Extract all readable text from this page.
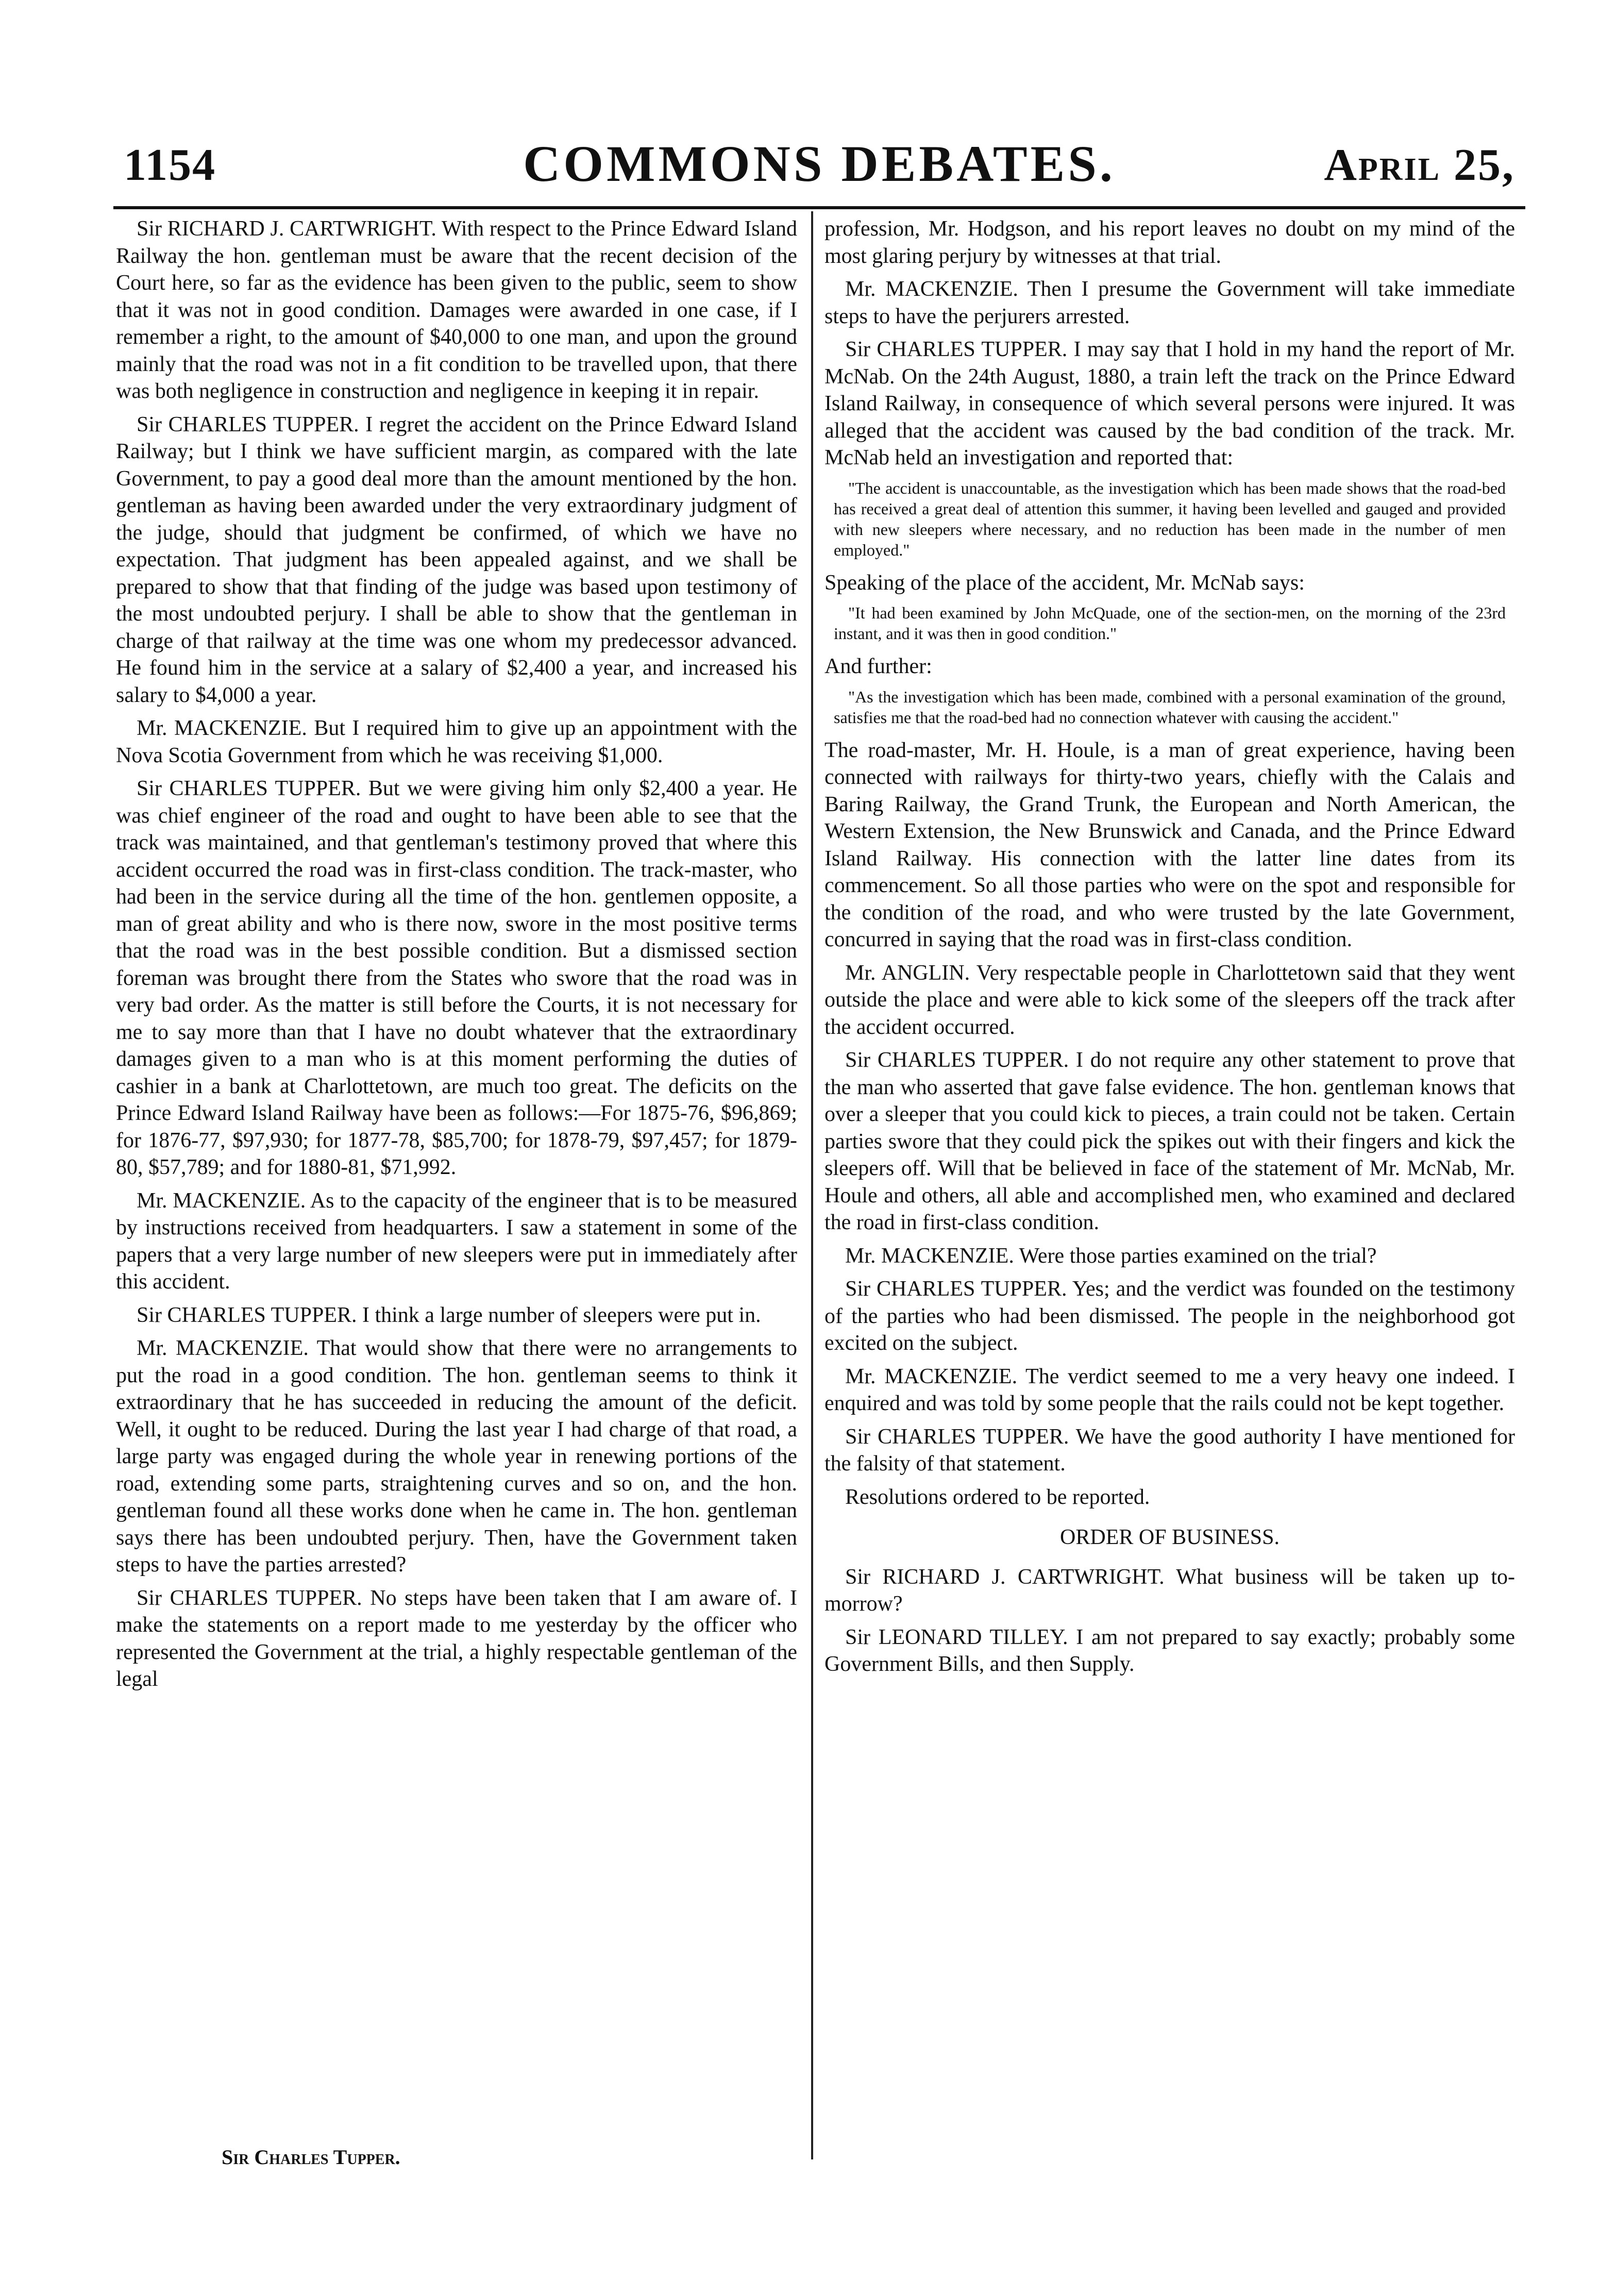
1154	COMMONS DEBATES.	April 25,

Sir RICHARD J. CARTWRIGHT. With respect to the Prince Edward Island Railway the hon. gentleman must be aware that the recent decision of the Court here, so far as the evidence has been given to the public, seem to show that it was not in good condition. Damages were awarded in one case, if I remember a right, to the amount of $40,000 to one man, and upon the ground mainly that the road was not in a fit condition to be travelled upon, that there was both negligence in construction and negligence in keeping it in repair.

Sir CHARLES TUPPER. I regret the accident on the Prince Edward Island Railway; but I think we have sufficient margin, as compared with the late Government, to pay a good deal more than the amount mentioned by the hon. gentleman as having been awarded under the very extraordinary judgment of the judge, should that judgment be confirmed, of which we have no expectation. That judgment has been appealed against, and we shall be prepared to show that that finding of the judge was based upon testimony of the most undoubted perjury. I shall be able to show that the gentleman in charge of that railway at the time was one whom my predecessor advanced. He found him in the service at a salary of $2,400 a year, and increased his salary to $4,000 a year.

Mr. MACKENZIE. But I required him to give up an appointment with the Nova Scotia Government from which he was receiving $1,000.

Sir CHARLES TUPPER. But we were giving him only $2,400 a year. He was chief engineer of the road and ought to have been able to see that the track was maintained, and that gentleman's testimony proved that where this accident occurred the road was in first-class condition. The track-master, who had been in the service during all the time of the hon. gentlemen opposite, a man of great ability and who is there now, swore in the most positive terms that the road was in the best possible condition. But a dismissed section foreman was brought there from the States who swore that the road was in very bad order. As the matter is still before the Courts, it is not necessary for me to say more than that I have no doubt whatever that the extraordinary damages given to a man who is at this moment performing the duties of cashier in a bank at Charlottetown, are much too great. The deficits on the Prince Edward Island Railway have been as follows:—For 1875-76, $96,869; for 1876-77, $97,930; for 1877-78, $85,700; for 1878-79, $97,457; for 1879-80, $57,789; and for 1880-81, $71,992.

Mr. MACKENZIE. As to the capacity of the engineer that is to be measured by instructions received from headquarters. I saw a statement in some of the papers that a very large number of new sleepers were put in immediately after this accident.

Sir CHARLES TUPPER. I think a large number of sleepers were put in.

Mr. MACKENZIE. That would show that there were no arrangements to put the road in a good condition. The hon. gentleman seems to think it extraordinary that he has succeeded in reducing the amount of the deficit. Well, it ought to be reduced. During the last year I had charge of that road, a large party was engaged during the whole year in renewing portions of the road, extending some parts, straightening curves and so on, and the hon. gentleman found all these works done when he came in. The hon. gentleman says there has been undoubted perjury. Then, have the Government taken steps to have the parties arrested?

Sir CHARLES TUPPER. No steps have been taken that I am aware of. I make the statements on a report made to me yesterday by the officer who represented the Government at the trial, a highly respectable gentleman of the legal

Sir Charles Tupper.

profession, Mr. Hodgson, and his report leaves no doubt on my mind of the most glaring perjury by witnesses at that trial.

Mr. MACKENZIE. Then I presume the Government will take immediate steps to have the perjurers arrested.

Sir CHARLES TUPPER. I may say that I hold in my hand the report of Mr. McNab. On the 24th August, 1880, a train left the track on the Prince Edward Island Railway, in consequence of which several persons were injured. It was alleged that the accident was caused by the bad condition of the track. Mr. McNab held an investigation and reported that:

"The accident is unaccountable, as the investigation which has been made shows that the road-bed has received a great deal of attention this summer, it having been levelled and gauged and provided with new sleepers where necessary, and no reduction has been made in the number of men employed."

Speaking of the place of the accident, Mr. McNab says:

"It had been examined by John McQuade, one of the section-men, on the morning of the 23rd instant, and it was then in good condition."

And further:

"As the investigation which has been made, combined with a personal examination of the ground, satisfies me that the road-bed had no connection whatever with causing the accident."

The road-master, Mr. H. Houle, is a man of great experience, having been connected with railways for thirty-two years, chiefly with the Calais and Baring Railway, the Grand Trunk, the European and North American, the Western Extension, the New Brunswick and Canada, and the Prince Edward Island Railway. His connection with the latter line dates from its commencement. So all those parties who were on the spot and responsible for the condition of the road, and who were trusted by the late Government, concurred in saying that the road was in first-class condition.

Mr. ANGLIN. Very respectable people in Charlottetown said that they went outside the place and were able to kick some of the sleepers off the track after the accident occurred.

Sir CHARLES TUPPER. I do not require any other statement to prove that the man who asserted that gave false evidence. The hon. gentleman knows that over a sleeper that you could kick to pieces, a train could not be taken. Certain parties swore that they could pick the spikes out with their fingers and kick the sleepers off. Will that be believed in face of the statement of Mr. McNab, Mr. Houle and others, all able and accomplished men, who examined and declared the road in first-class condition.

Mr. MACKENZIE. Were those parties examined on the trial?

Sir CHARLES TUPPER. Yes; and the verdict was founded on the testimony of the parties who had been dismissed. The people in the neighborhood got excited on the subject.

Mr. MACKENZIE. The verdict seemed to me a very heavy one indeed. I enquired and was told by some people that the rails could not be kept together.

Sir CHARLES TUPPER. We have the good authority I have mentioned for the falsity of that statement.

Resolutions ordered to be reported.

ORDER OF BUSINESS.

Sir RICHARD J. CARTWRIGHT. What business will be taken up to-morrow?

Sir LEONARD TILLEY. I am not prepared to say exactly; probably some Government Bills, and then Supply.
